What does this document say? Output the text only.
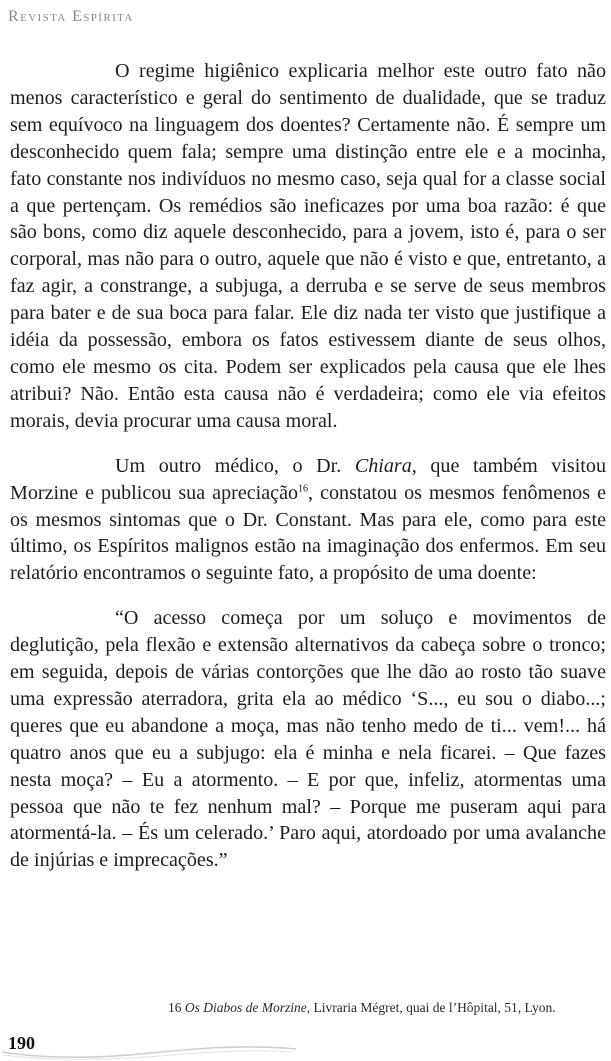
Revista Espírita

O regime higiênico explicaria melhor este outro fato não menos característico e geral do sentimento de dualidade, que se traduz sem equívoco na linguagem dos doentes? Certamente não. É sempre um desconhecido quem fala; sempre uma distinção entre ele e a mocinha, fato constante nos indivíduos no mesmo caso, seja qual for a classe social a que pertençam. Os remédios são ineficazes por uma boa razão: é que são bons, como diz aquele desconhecido, para a jovem, isto é, para o ser corporal, mas não para o outro, aquele que não é visto e que, entretanto, a faz agir, a constrange, a subjuga, a derruba e se serve de seus membros para bater e de sua boca para falar. Ele diz nada ter visto que justifique a idéia da possessão, embora os fatos estivessem diante de seus olhos, como ele mesmo os cita. Podem ser explicados pela causa que ele lhes atribui? Não. Então esta causa não é verdadeira; como ele via efeitos morais, devia procurar uma causa moral.

Um outro médico, o Dr. Chiara, que também visitou Morzine e publicou sua apreciação$^{16}$, constatou os mesmos fenômenos e os mesmos sintomas que o Dr. Constant. Mas para ele, como para este último, os Espíritos malignos estão na imaginação dos enfermos. Em seu relatório encontramos o seguinte fato, a propósito de uma doente:

“O acesso começa por um soluço e movimentos de deglutição, pela flexão e extensão alternativos da cabeça sobre o tronco; em seguida, depois de várias contorções que lhe dão ao rosto tão suave uma expressão aterradora, grita ela ao médico ‘S..., eu sou o diabo...; queres que eu abandone a moça, mas não tenho medo de ti... vem!... há quatro anos que eu a subjugo: ela é minha e nela ficarei. – Que fazes nesta moça? – Eu a atormento. – E por que, infeliz, atormentas uma pessoa que não te fez nenhum mal? – Porque me puseram aqui para atormentá-la. – És um celerado.’ Paro aqui, atordoado por uma avalanche de injúrias e imprecações.”

16 Os Diabos de Morzine, Livraria Mégret, quai de l’Hôpital, 51, Lyon.
190
